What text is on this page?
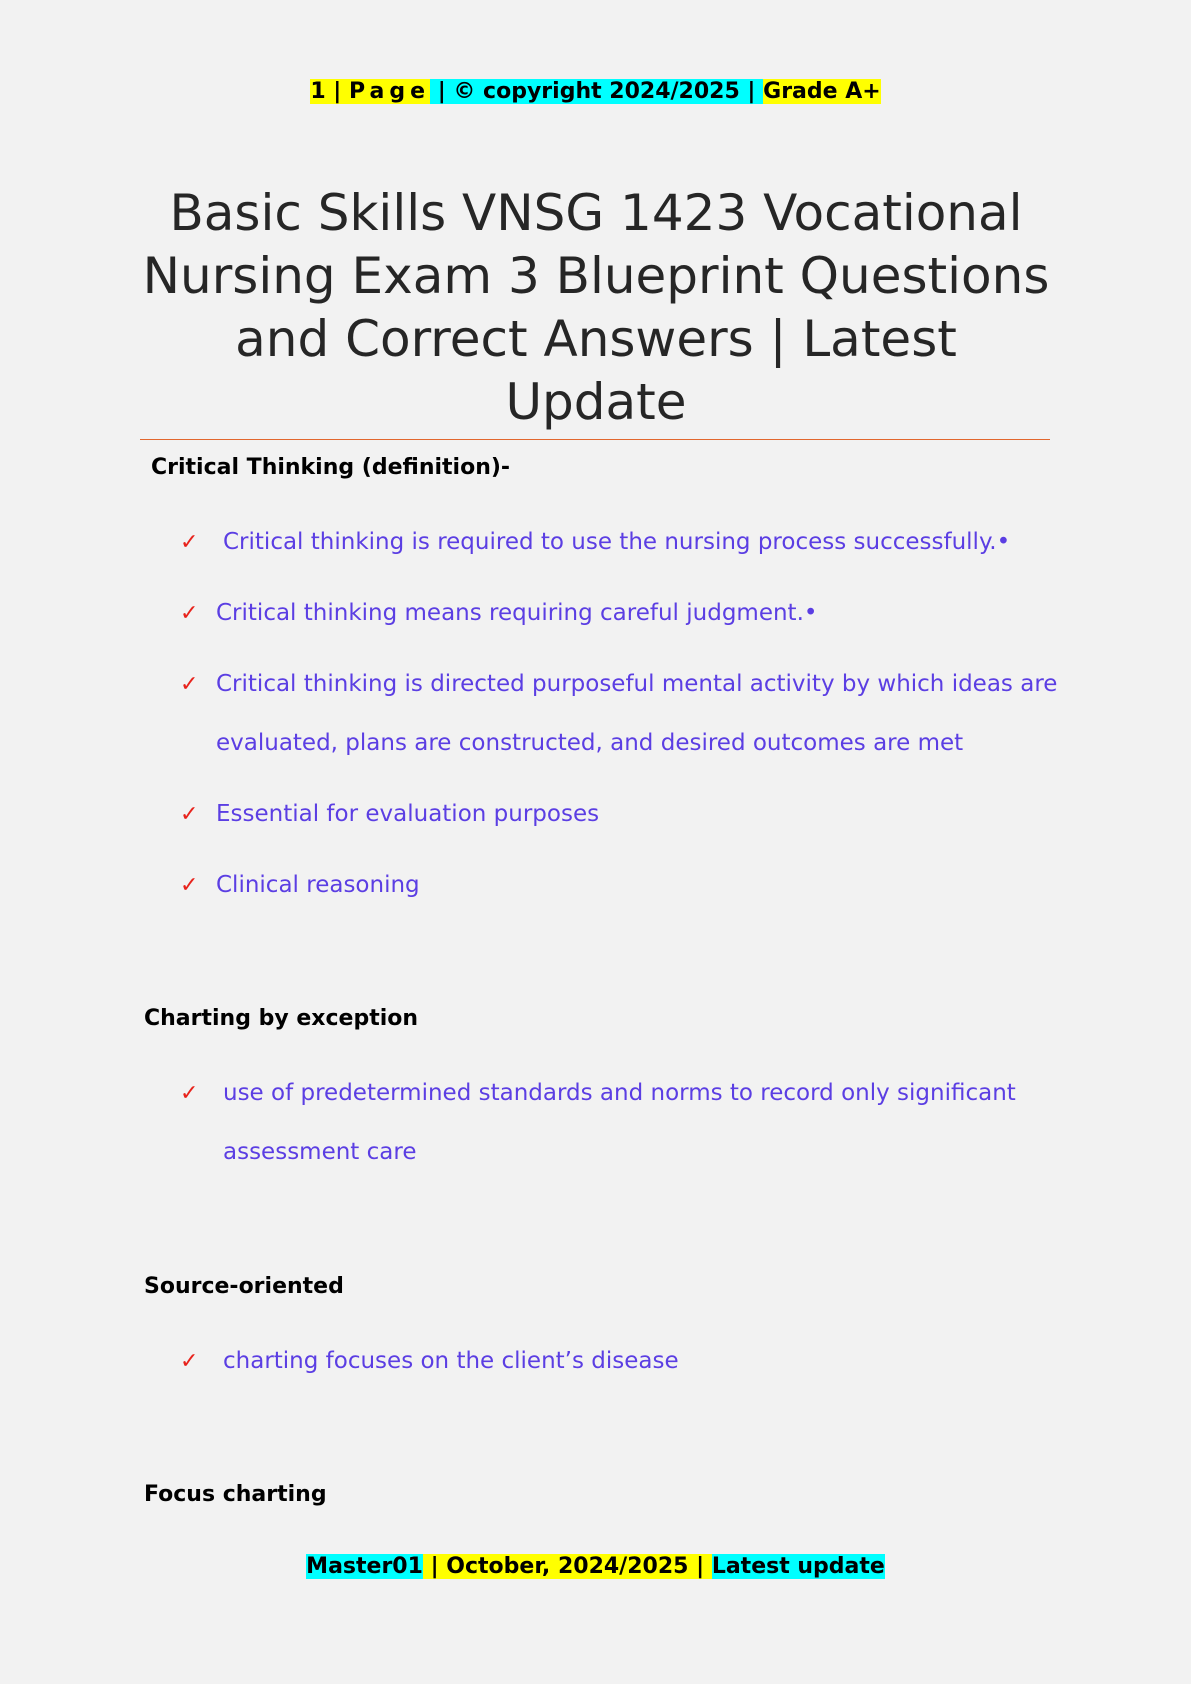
1 | Page | © copyright 2024/2025 | Grade A+
Basic Skills VNSG 1423 Vocational Nursing Exam 3 Blueprint Questions and Correct Answers | Latest Update
Critical Thinking (definition)-
✓ Critical thinking is required to use the nursing process successfully.•
✓ Critical thinking means requiring careful judgment.•
✓ Critical thinking is directed purposeful mental activity by which ideas are evaluated, plans are constructed, and desired outcomes are met
✓ Essential for evaluation purposes
✓ Clinical reasoning
Charting by exception
✓ use of predetermined standards and norms to record only significant assessment care
Source-oriented
✓ charting focuses on the client’s disease
Focus charting
Master01 | October, 2024/2025 | Latest update
